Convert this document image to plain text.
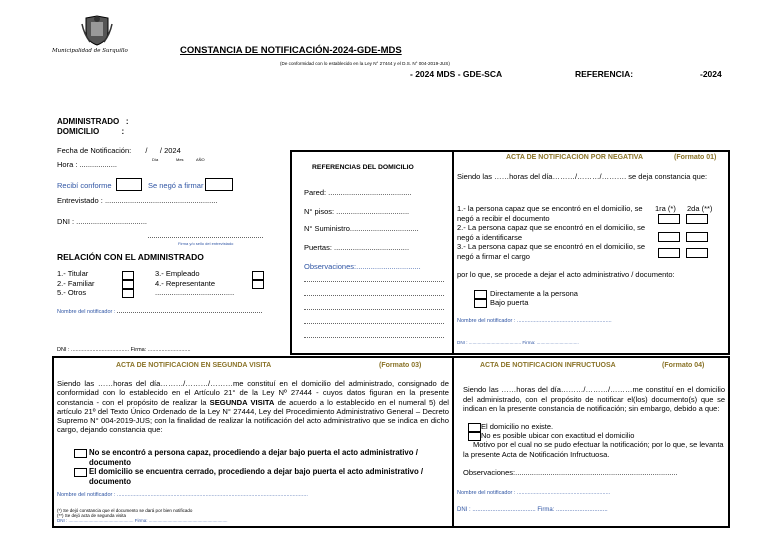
Municipalidad de Surquillo	CONSTANCIA DE NOTIFICACIÓN-2024-GDE-MDS
(De conformidad con lo establecido en la Ley N° 27444 y el D.S. N° 004-2019-JUS)
- 2024 MDS - GDE-SCA	REFERENCIA:	-2024
ADMINISTRADO   :
DOMICILIO          :
Fecha de Notificación: /      / 2024
Día	Mes	AÑO
Hora : ..................
Recibí conforme	Se negó a firmar
Entrevistado : ......................................................
DNI : ..................................
Firma y/o sello del entrevistado
RELACIÓN CON EL ADMINISTRADO
1.- Titular
2.- Familiar
5.- Otros
3.- Empleado
4.- Representante
......................................
Nombre del notificador :
DNI : ...................................... Firma: ............................
REFERENCIAS DEL DOMICILIO
Pared: ........................................
N° pisos: ...................................
N° Suministro.................................
Puertas: ....................................
Observaciones:...............................
ACTA DE NOTIFICACION POR NEGATIVA	(Formato 01)
Siendo las ……horas del día………/………/………. se deja constancia que:
1ra (*) 2da (**)
1.- la persona capaz que se encontró en el domicilio, se negó a recibir el documento
2.- La persona capaz que se encontró en el domicilio, se negó a identificarse
3.- La persona capaz que se encontró en el domicilio, se negó a firmar el cargo
por lo que, se procede a dejar el acto administrativo / documento:
Directamente a la persona
Bajo puerta
Nombre del notificador : ..............................................................
DNI : ......................................... Firma: .................................
ACTA DE NOTIFICACION EN SEGUNDA VISITA	(Formato 03)
Siendo las ……horas del día………/………/………me constituí en el domicilio del administrado, consignado de conformidad con lo establecido en el Artículo 21° de la Ley Nº 27444 - cuyos datos figuran en la presente constancia - con el propósito de realizar la SEGUNDA VISITA de acuerdo a lo establecido en el numeral 5) del artículo 21º del Texto Único Ordenado de la Ley N° 27444, Ley del Procedimiento Administrativo General – Decreto Supremo N° 004-2019-JUS; con la finalidad de realizar la notificación del acto administrativo que se indica en dicho cargo, dejando constancia que:
No se encontró a persona capaz, procediendo a dejar bajo puerta el acto administrativo / documento
El domicilio se encuentra cerrado, procediendo a dejar bajo puerta el acto administrativo / documento
Nombre del notificador : .............................................................................................................................
(*) Se dejó constancia que el documento se dará por bien notificado
(**) Se dejó acta de segunda visita
DNI : .................................................... Firma: ...............................................................
ACTA DE NOTIFICACION INFRUCTUOSA	(Formato 04)
Siendo las ……horas del día………/………/………me constituí en el domicilio del administrado, con el propósito de notificar el(los) documento(s) que se indican en la presente constancia de notificación; sin embargo, debido a que:
El domicilio no existe.
No es posible ubicar con exactitud el domicilio
Motivo por el cual no se pudo efectuar la notificación; por lo que, se levanta la presente Acta de Notificación Infructuosa.
Observaciones:..............................................................................
Nombre del notificador : .............................................................
DNI : ...................................... Firma: ...............................
